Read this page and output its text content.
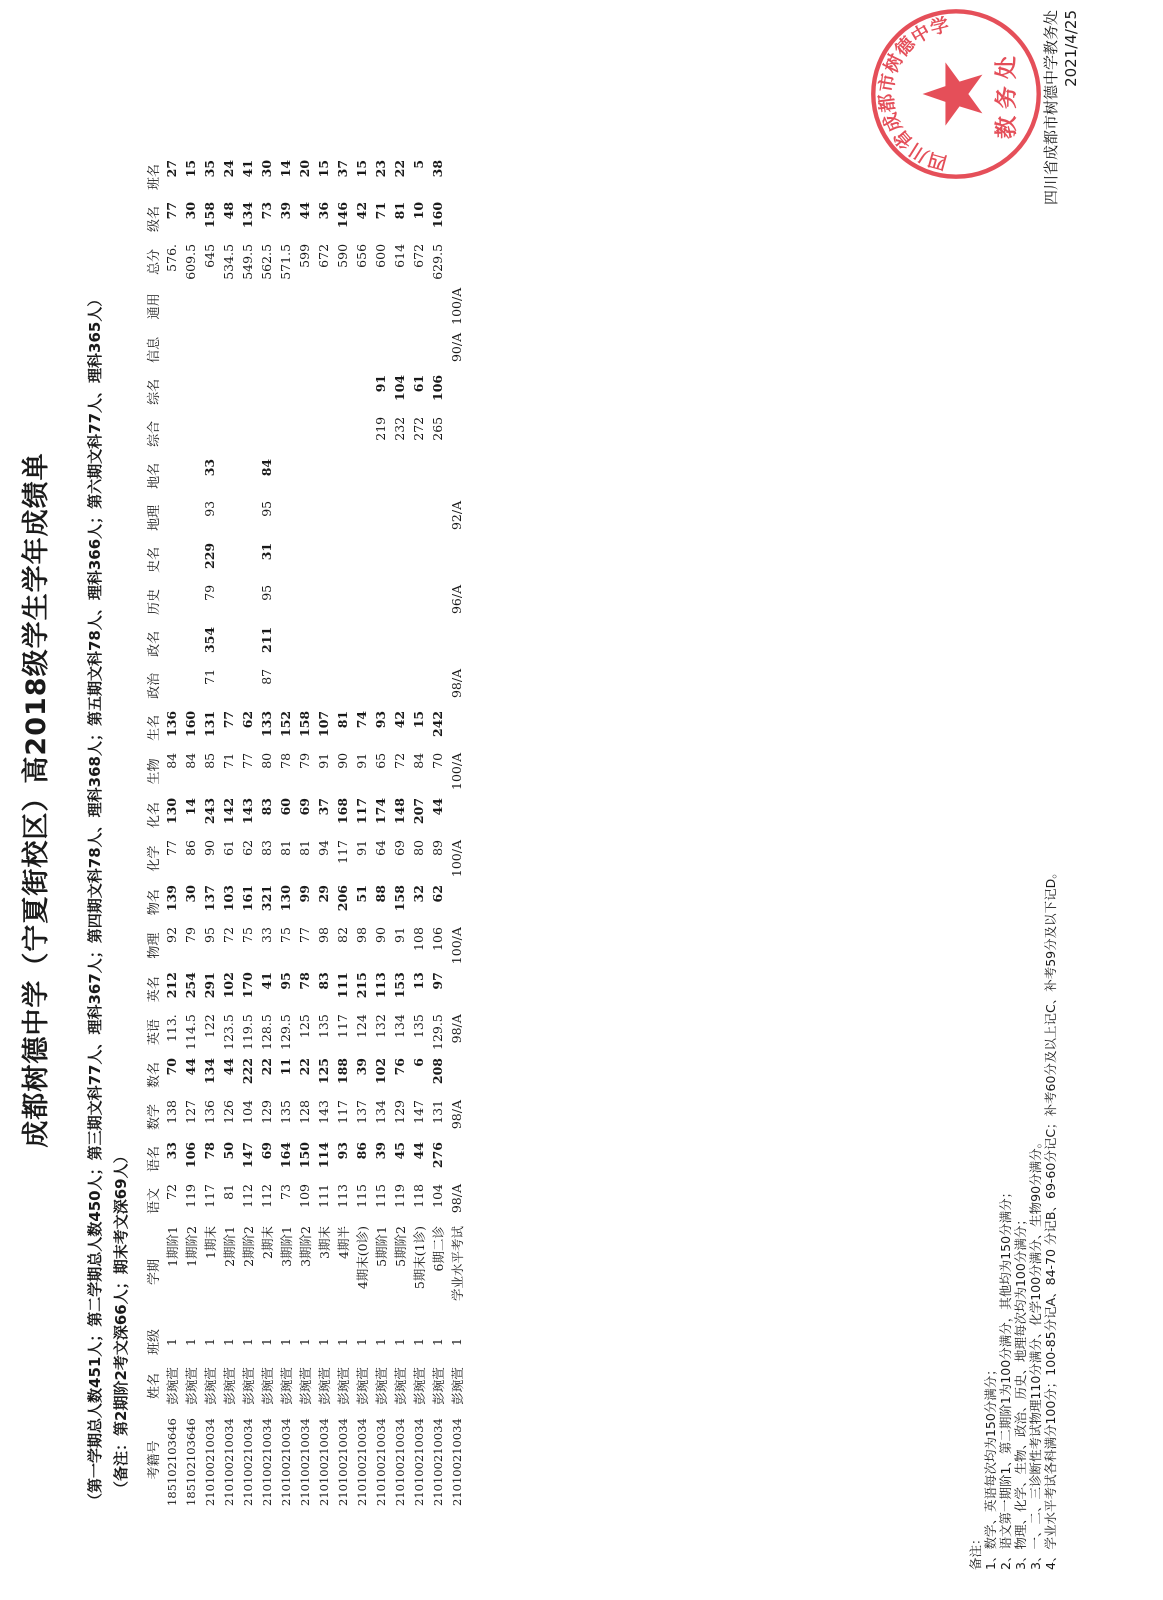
成都树德中学（宁夏街校区）高2018级学生学年成绩单 （第一学期总人数451人；第二学期总人数450人；第三期文科77人、理科367人；第四期文科78人、理科368人；第五期文科78人、理科366人；第六期文科77人、理科365人） （备注：第2期阶2考文深66人；期末考文深69人） 考籍号	姓名	班级	学期	语文	语名	数学	数名	英语	英名	物理	物名	化学	化名	生物	生名	政治	政名	历史	史名	地理	地名	综合	综名	信息	通用	总分	级名	班名
18510210364​6	彭琬萱	1	1期阶1	72	33	138	70	113.	212	92	139	77	130	84	136											576.	77	27
185102103646	彭琬萱	1	1期阶2	119	106	127	44	114.5	254	79	30	86	14	84	160											609.5	30	15
210100210034	彭琬萱	1	1期末	117	78	136	134	122	291	95	137	90	243	85	131	71	354	79	229	93	33					645	158	35
210100210034	彭琬萱	1	2期阶1	81	50	126	44	123.5	102	72	103	61	142	71	77											534.5	48	24
210100210034	彭琬萱	1	2期阶2	112	147	104	222	119.5	170	75	161	62	143	77	62											549.5	134	41
210100210034	彭琬萱	1	2期末	112	69	129	22	128.5	41	33	321	83	83	80	133	87	211	95	31	95	84					562.5	73	30
210100210034	彭琬萱	1	3期阶1	73	164	135	11	129.5	95	75	130	81	60	78	152											571.5	39	14
210100210034	彭琬萱	1	3期阶2	109	150	128	22	125	78	77	99	81	69	79	158											599	44	20
210100210034	彭琬萱	1	3期末	111	114	143	125	135	83	98	29	94	37	91	107											672	36	15
210100210034	彭琬萱	1	4期半	113	93	117	188	117	111	82	206	117	168	90	81											590	146	37
210100210034	彭琬萱	1	4期末(0诊)	115	86	137	39	124	215	98	51	91	117	91	74											656	42	15
210100210034	彭琬萱	1	5期阶1	115	39	134	102	132	113	90	88	64	174	65	93							219	91			600	71	23
210100210034	彭琬萱	1	5期阶2	119	45	129	76	134	153	91	158	69	148	72	42							232	104			614	81	22
210100210034	彭琬萱	1	5期末(1诊)	118	44	147	6	135	13	108	32	80	207	84	15							272	61			672	10	5
210100210034	彭琬萱	1	6期二诊	104	276	131	208	129.5	97	106	62	89	44	70	242							265	106			629.5	160	38
210100210034	彭琬萱	1	学业水平考试	98/A		98/A		98/A		100/A		100/A		100/A		98/A		96/A		92/A				90/A	100/A			
备注： 1、数学、英语每次均为150分满分； 2、语文第一期阶1、第二期阶1为100分满分，其他均为150分满分； 3、物理、化学、生物、政治、历史、地理每次均为100分满分； 3、一、二、三诊断性考试物理110分满分、化学100分满分、生物90分满分。 4、学业水平考试各科满分100分；100-85分记A、84-70 分记B、69-60分记C；补考60分及以上记C、补考59分及以下记D。
四川省成都市树德中学
教务处 四川省成都市树德中学教务处 2021/4/25
